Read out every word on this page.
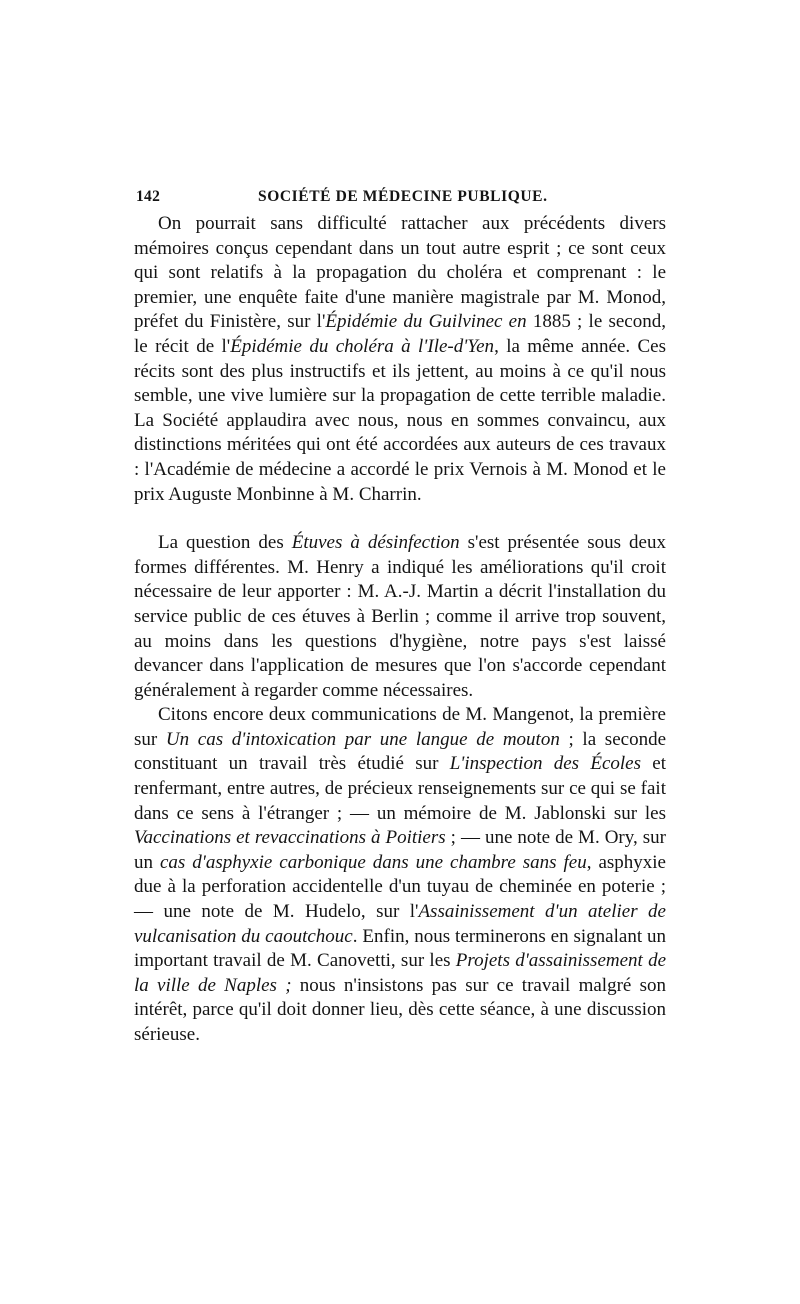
142	SOCIÉTÉ DE MÉDECINE PUBLIQUE.

On pourrait sans difficulté rattacher aux précédents divers mémoires conçus cependant dans un tout autre esprit ; ce sont ceux qui sont relatifs à la propagation du choléra et comprenant : le premier, une enquête faite d'une manière magistrale par M. Monod, préfet du Finistère, sur l'Épidémie du Guilvinec en 1885 ; le second, le récit de l'Épidémie du choléra à l'Ile-d'Yen, la même année. Ces récits sont des plus instructifs et ils jettent, au moins à ce qu'il nous semble, une vive lumière sur la propagation de cette terrible maladie. La Société applaudira avec nous, nous en sommes convaincu, aux distinctions méritées qui ont été accordées aux auteurs de ces travaux : l'Académie de médecine a accordé le prix Vernois à M. Monod et le prix Auguste Monbinne à M. Charrin.

La question des Étuves à désinfection s'est présentée sous deux formes différentes. M. Henry a indiqué les améliorations qu'il croit nécessaire de leur apporter : M. A.-J. Martin a décrit l'installation du service public de ces étuves à Berlin ; comme il arrive trop souvent, au moins dans les questions d'hygiène, notre pays s'est laissé devancer dans l'application de mesures que l'on s'accorde cependant généralement à regarder comme nécessaires.

Citons encore deux communications de M. Mangenot, la première sur Un cas d'intoxication par une langue de mouton ; la seconde constituant un travail très étudié sur L'inspection des Écoles et renfermant, entre autres, de précieux renseignements sur ce qui se fait dans ce sens à l'étranger ; — un mémoire de M. Jablonski sur les Vaccinations et revaccinations à Poitiers ; — une note de M. Ory, sur un cas d'asphyxie carbonique dans une chambre sans feu, asphyxie due à la perforation accidentelle d'un tuyau de cheminée en poterie ; — une note de M. Hudelo, sur l'Assainissement d'un atelier de vulcanisation du caoutchouc. Enfin, nous terminerons en signalant un important travail de M. Canovetti, sur les Projets d'assainissement de la ville de Naples ; nous n'insistons pas sur ce travail malgré son intérêt, parce qu'il doit donner lieu, dès cette séance, à une discussion sérieuse.
